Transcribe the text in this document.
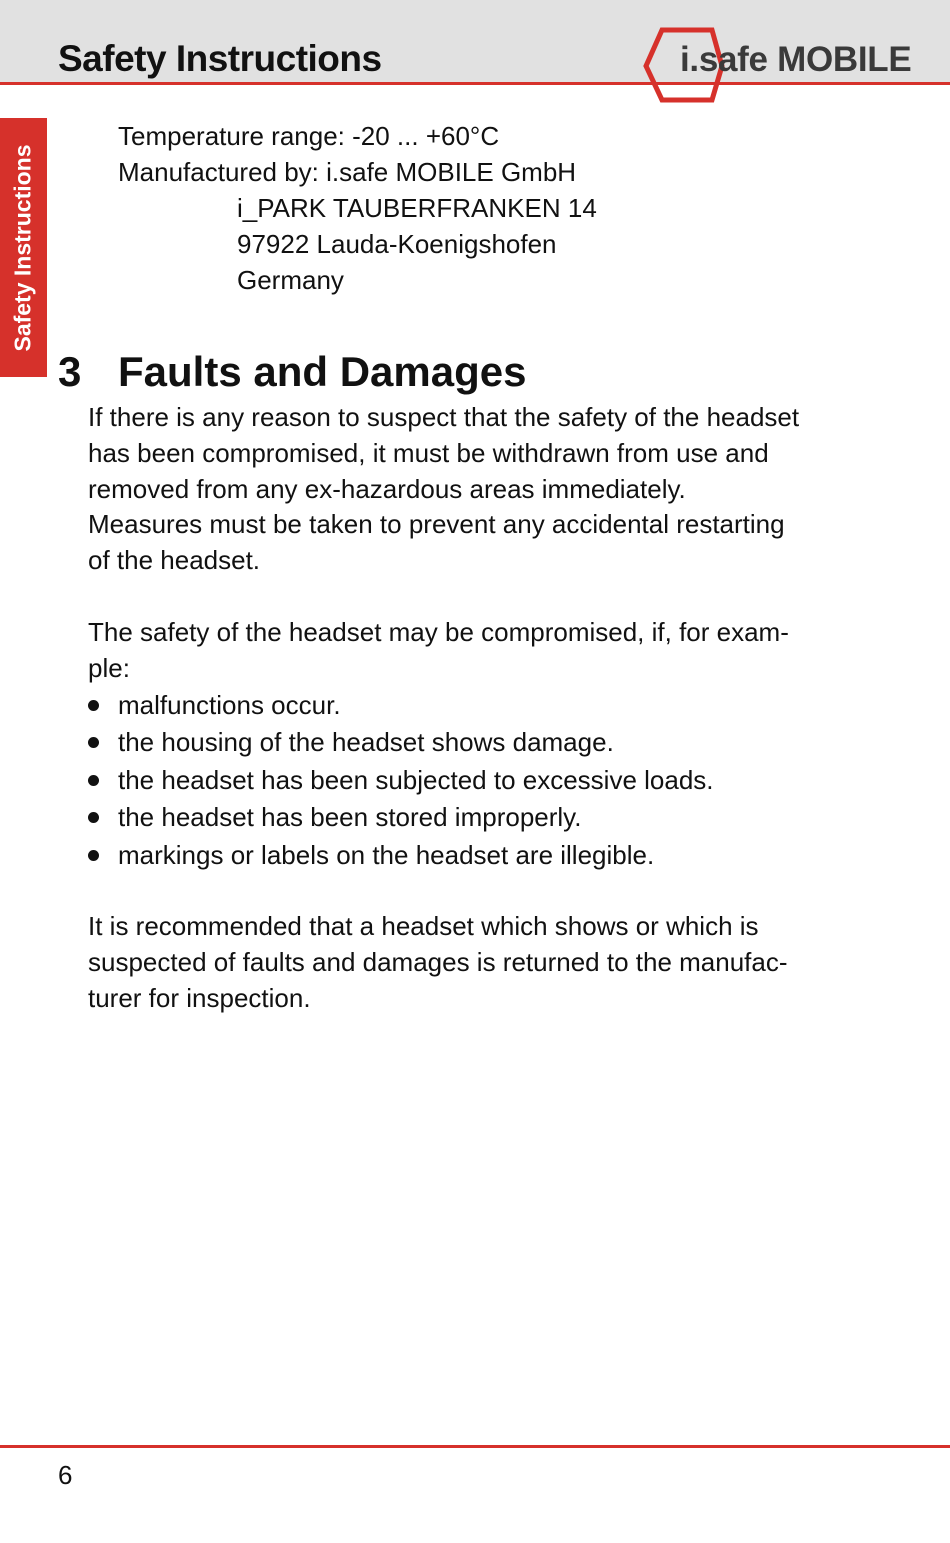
Safety Instructions	i.safe MOBILE
Safety Instructions
Temperature range: -20 ... +60°C
Manufactured by: i.safe MOBILE GmbH
i_PARK TAUBERFRANKEN 14
97922 Lauda-Koenigshofen
Germany
3 Faults and Damages
If there is any reason to suspect that the safety of the headset
has been compromised, it must be withdrawn from use and
removed from any ex-hazardous areas immediately.
Measures must be taken to prevent any accidental restarting
of the headset.
The safety of the headset may be compromised, if, for exam-
ple:
malfunctions occur.
the housing of the headset shows damage.
the headset has been subjected to excessive loads.
the headset has been stored improperly.
markings or labels on the headset are illegible.
It is recommended that a headset which shows or which is
suspected of faults and damages is returned to the manufac-
turer for inspection.
6
